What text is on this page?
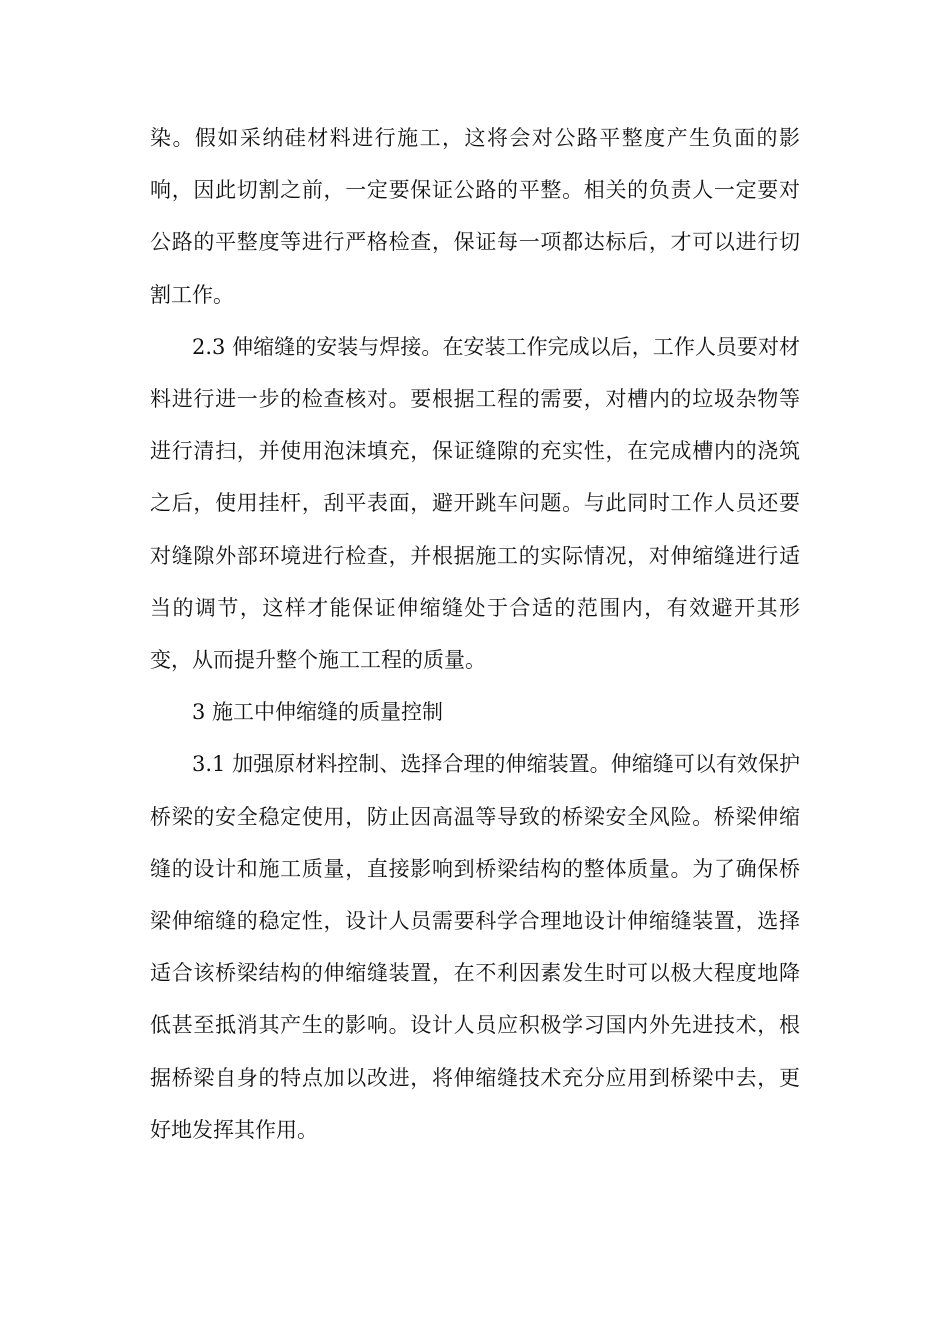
染。假如采纳硅材料进行施工，这将会对公路平整度产生负面的影响，因此切割之前，一定要保证公路的平整。相关的负责人一定要对公路的平整度等进行严格检查，保证每一项都达标后，才可以进行切割工作。

2.3 伸缩缝的安装与焊接。在安装工作完成以后，工作人员要对材料进行进一步的检查核对。要根据工程的需要，对槽内的垃圾杂物等进行清扫，并使用泡沫填充，保证缝隙的充实性，在完成槽内的浇筑之后，使用挂杆，刮平表面，避开跳车问题。与此同时工作人员还要对缝隙外部环境进行检查，并根据施工的实际情况，对伸缩缝进行适当的调节，这样才能保证伸缩缝处于合适的范围内，有效避开其形变，从而提升整个施工工程的质量。

3 施工中伸缩缝的质量控制

3.1 加强原材料控制、选择合理的伸缩装置。伸缩缝可以有效保护桥梁的安全稳定使用，防止因高温等导致的桥梁安全风险。桥梁伸缩缝的设计和施工质量，直接影响到桥梁结构的整体质量。为了确保桥梁伸缩缝的稳定性，设计人员需要科学合理地设计伸缩缝装置，选择适合该桥梁结构的伸缩缝装置，在不利因素发生时可以极大程度地降低甚至抵消其产生的影响。设计人员应积极学习国内外先进技术，根据桥梁自身的特点加以改进，将伸缩缝技术充分应用到桥梁中去，更好地发挥其作用。
